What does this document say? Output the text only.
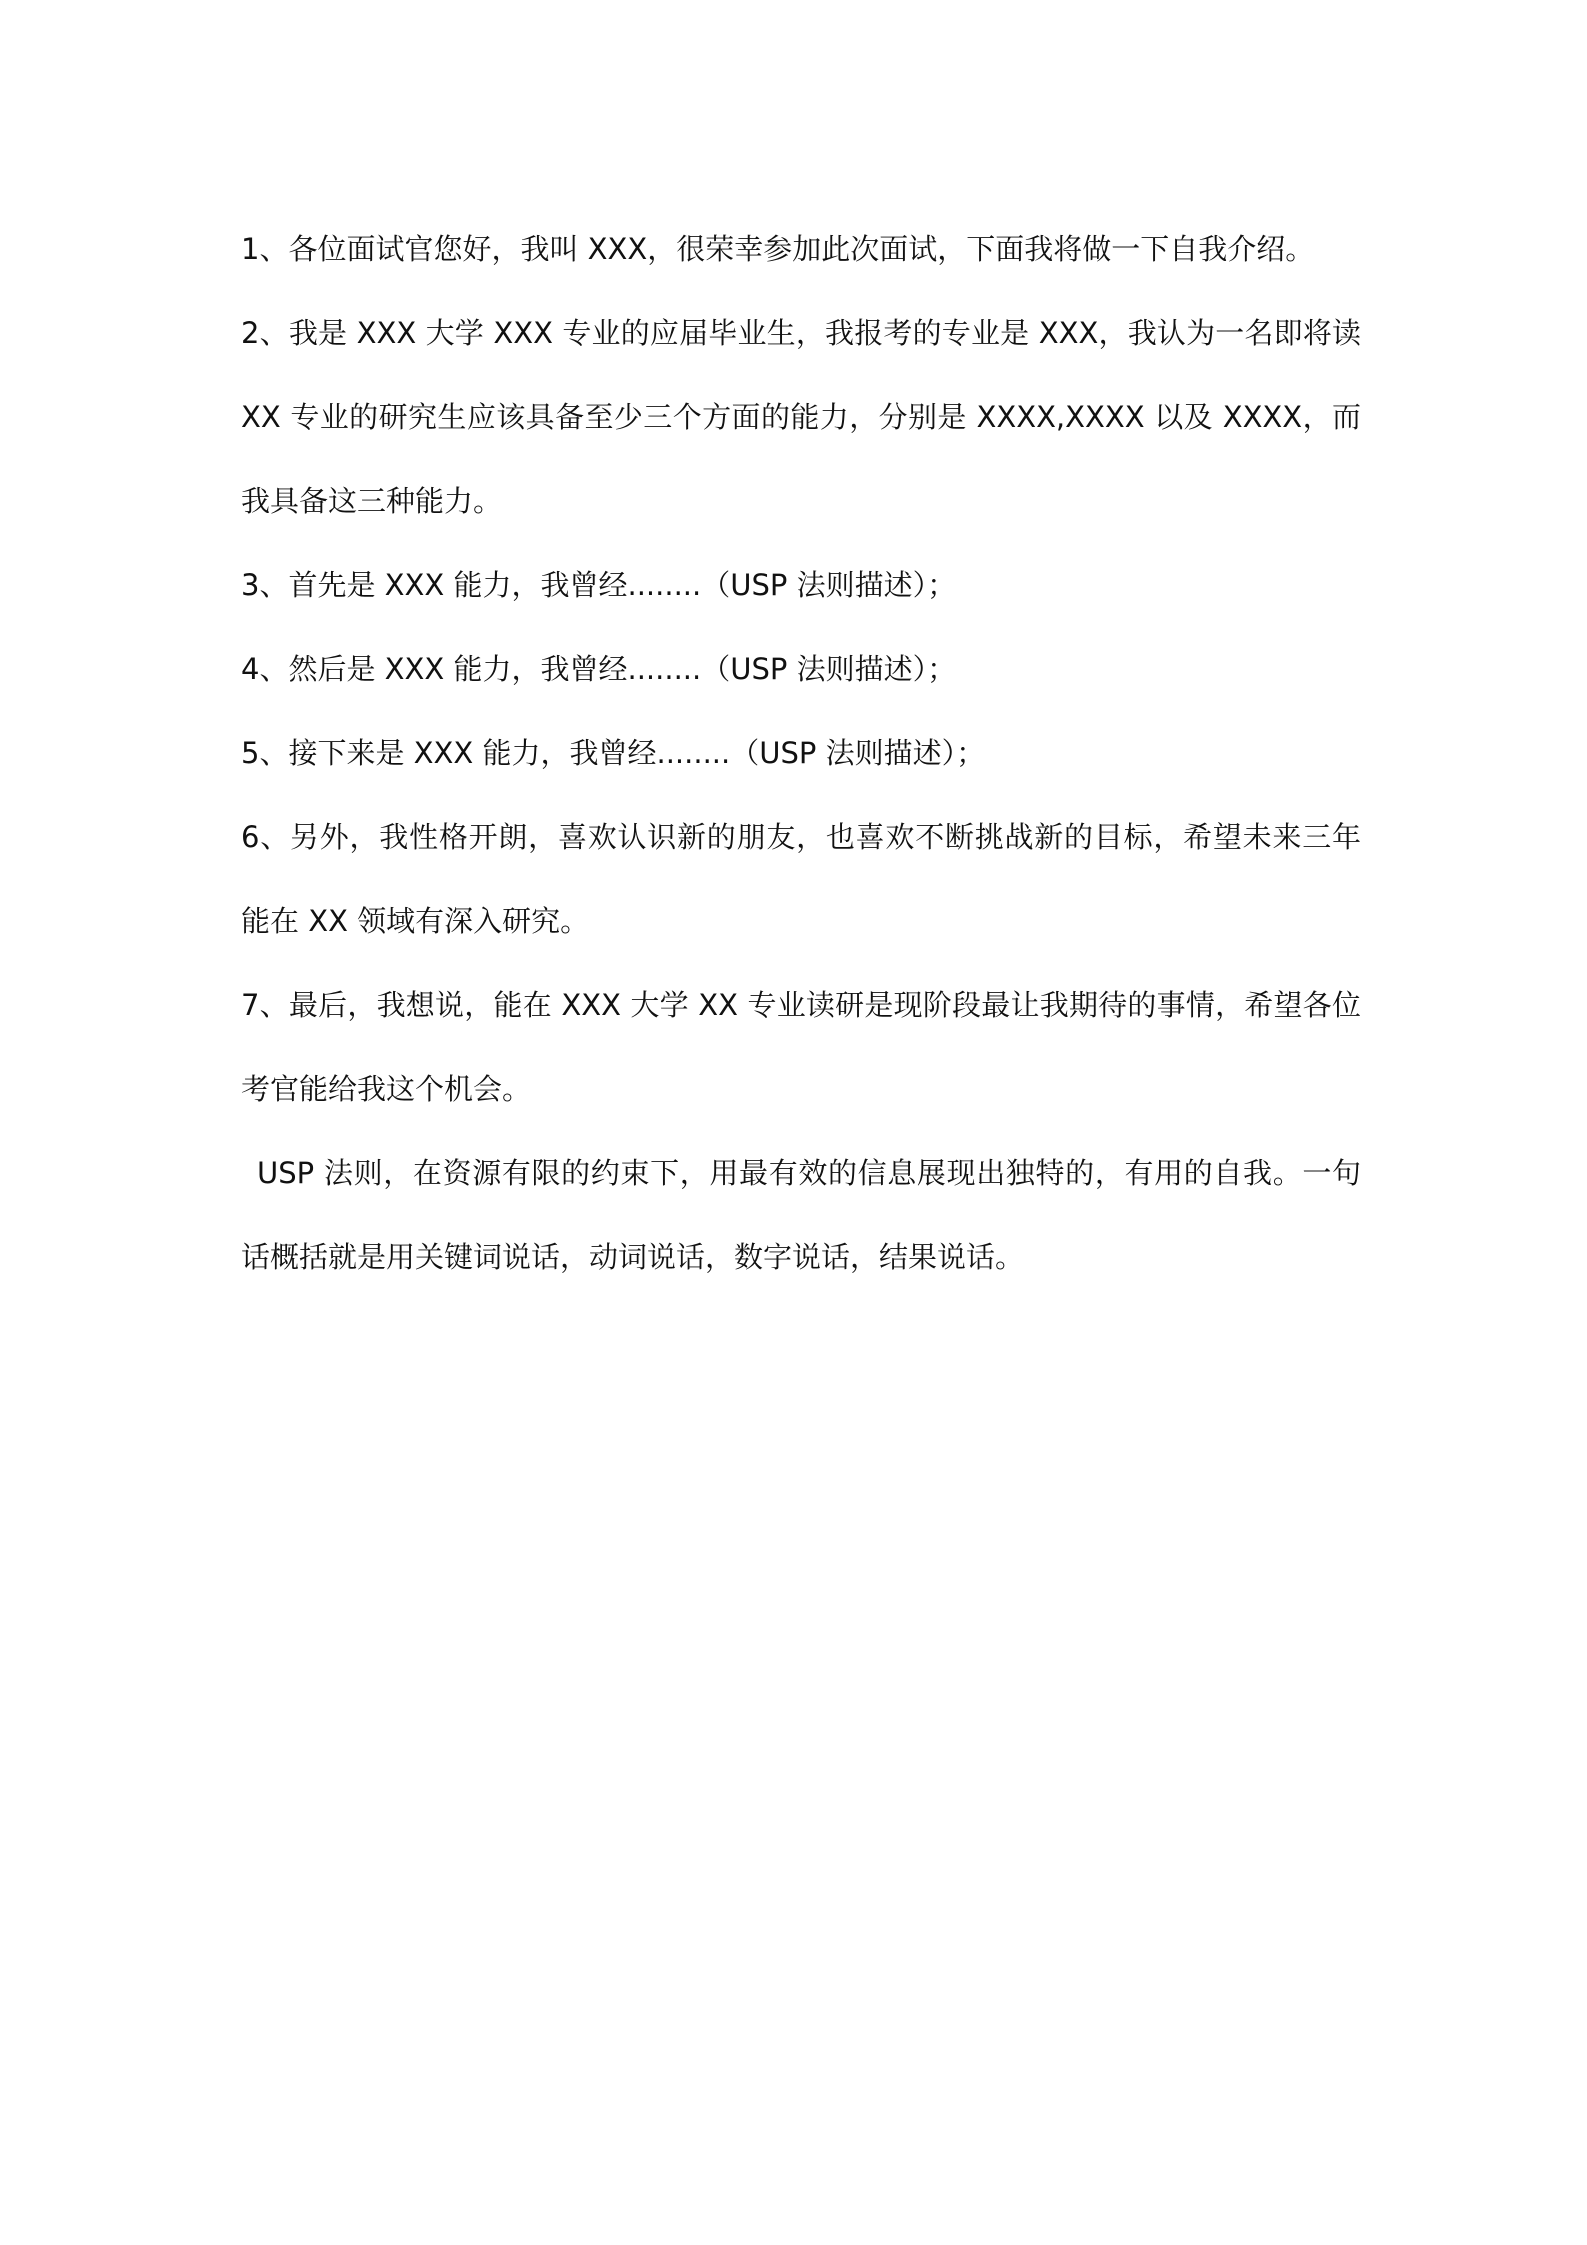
1、各位面试官您好，我叫 XXX，很荣幸参加此次面试，下面我将做一下自我介绍。

2、我是 XXX 大学 XXX 专业的应届毕业生，我报考的专业是 XXX，我认为一名即将读 XX 专业的研究生应该具备至少三个方面的能力，分别是 XXXX,XXXX 以及 XXXX，而我具备这三种能力。

3、首先是 XXX 能力，我曾经........（USP 法则描述）；

4、然后是 XXX 能力，我曾经........（USP 法则描述）；

5、接下来是 XXX 能力，我曾经........（USP 法则描述）；

6、另外，我性格开朗，喜欢认识新的朋友，也喜欢不断挑战新的目标，希望未来三年能在 XX 领域有深入研究。

7、最后，我想说，能在 XXX 大学 XX 专业读研是现阶段最让我期待的事情，希望各位考官能给我这个机会。

USP 法则，在资源有限的约束下，用最有效的信息展现出独特的，有用的自我。一句话概括就是用关键词说话，动词说话，数字说话，结果说话。
